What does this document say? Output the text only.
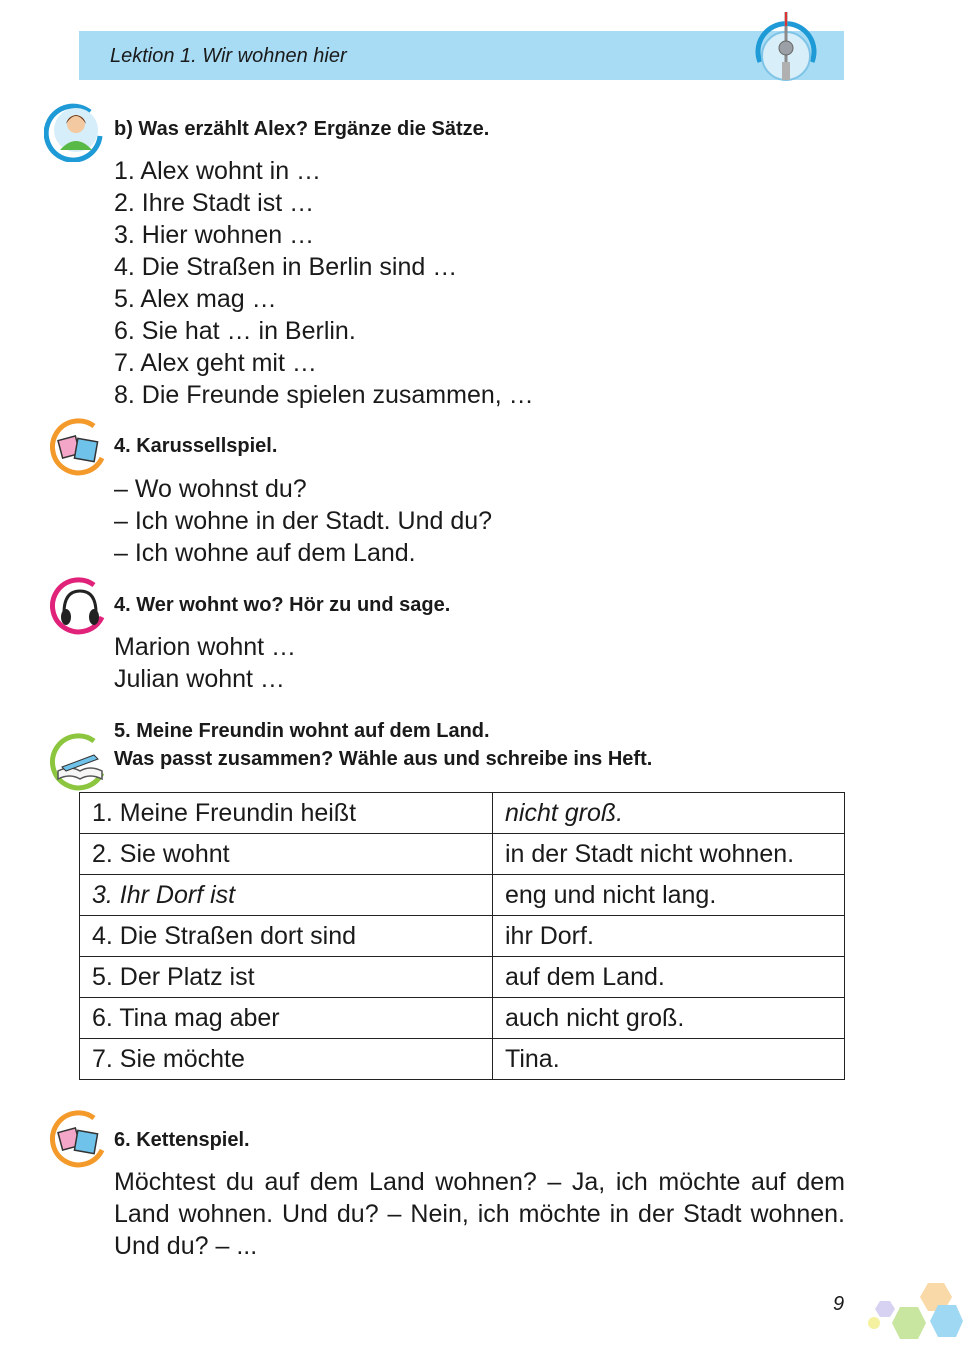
Lektion 1. Wir wohnen hier
b) Was erzählt Alex? Ergänze die Sätze.
1. Alex wohnt in …
2. Ihre Stadt ist …
3. Hier wohnen …
4. Die Straßen in Berlin sind …
5. Alex mag …
6. Sie hat … in Berlin.
7. Alex geht mit …
8. Die Freunde spielen zusammen, …
4. Karussellspiel.
– Wo wohnst du?
– Ich wohne in der Stadt. Und du?
– Ich wohne auf dem Land.
4. Wer wohnt wo? Hör zu und sage.
Marion wohnt …
Julian wohnt …
5. Meine Freundin wohnt auf dem Land.
Was passt zusammen? Wähle aus und schreibe ins Heft.
1. Meine Freundin heißt	nicht groß.
2. Sie wohnt	in der Stadt nicht wohnen.
3. Ihr Dorf ist	eng und nicht lang.
4. Die Straßen dort sind	ihr Dorf.
5. Der Platz ist	auf dem Land.
6. Tina mag aber	auch nicht groß.
7. Sie möchte	Tina.
6. Kettenspiel.
Möchtest du auf dem Land wohnen? – Ja, ich möchte auf dem Land wohnen. Und du? – Nein, ich möchte in der Stadt wohnen. Und du? – ...
9
